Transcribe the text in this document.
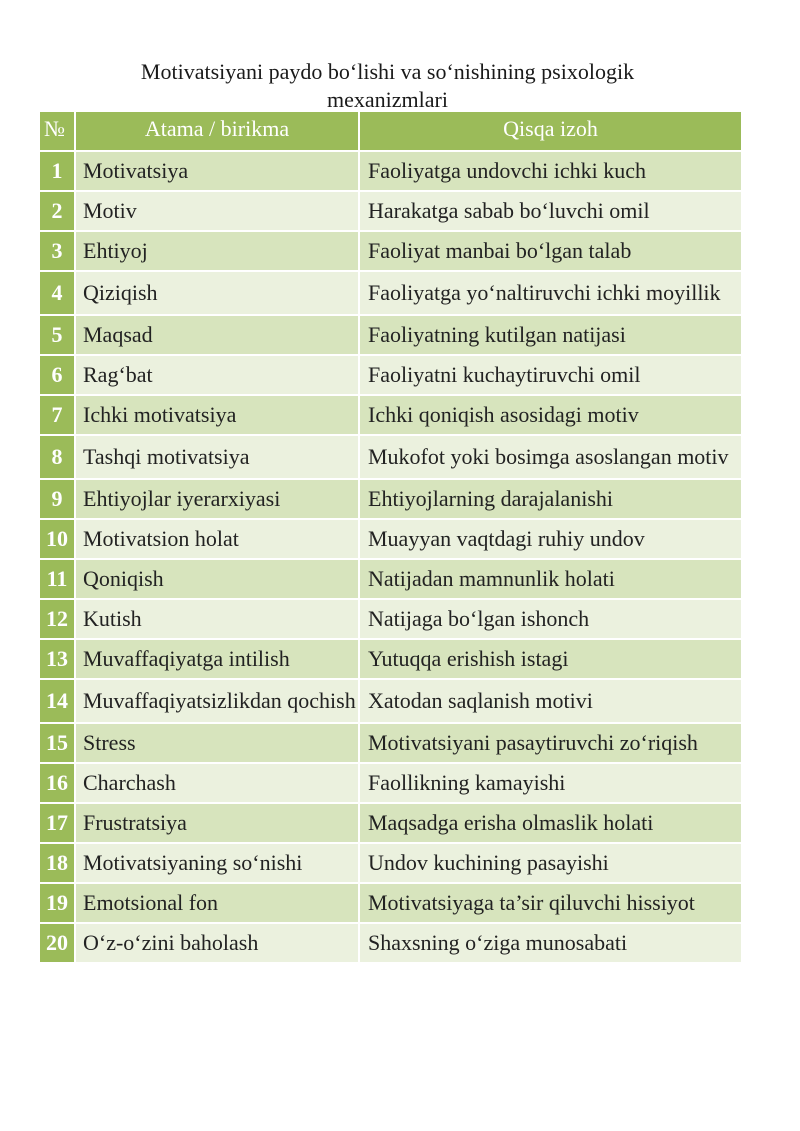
Motivatsiyani paydo bo‘lishi va so‘nishining psixologik mexanizmlari
№	Atama / birikma	Qisqa izoh
1	Motivatsiya	Faoliyatga undovchi ichki kuch
2	Motiv	Harakatga sabab bo‘luvchi omil
3	Ehtiyoj	Faoliyat manbai bo‘lgan talab
4	Qiziqish	Faoliyatga yo‘naltiruvchi ichki moyillik
5	Maqsad	Faoliyatning kutilgan natijasi
6	Rag‘bat	Faoliyatni kuchaytiruvchi omil
7	Ichki motivatsiya	Ichki qoniqish asosidagi motiv
8	Tashqi motivatsiya	Mukofot yoki bosimga asoslangan motiv
9	Ehtiyojlar iyerarxiyasi	Ehtiyojlarning darajalanishi
10	Motivatsion holat	Muayyan vaqtdagi ruhiy undov
11	Qoniqish	Natijadan mamnunlik holati
12	Kutish	Natijaga bo‘lgan ishonch
13	Muvaffaqiyatga intilish	Yutuqqa erishish istagi
14	Muvaffaqiyatsizlikdan qochish	Xatodan saqlanish motivi
15	Stress	Motivatsiyani pasaytiruvchi zo‘riqish
16	Charchash	Faollikning kamayishi
17	Frustratsiya	Maqsadga erisha olmaslik holati
18	Motivatsiyaning so‘nishi	Undov kuchining pasayishi
19	Emotsional fon	Motivatsiyaga ta’sir qiluvchi hissiyot
20	O‘z-o‘zini baholash	Shaxsning o‘ziga munosabati
